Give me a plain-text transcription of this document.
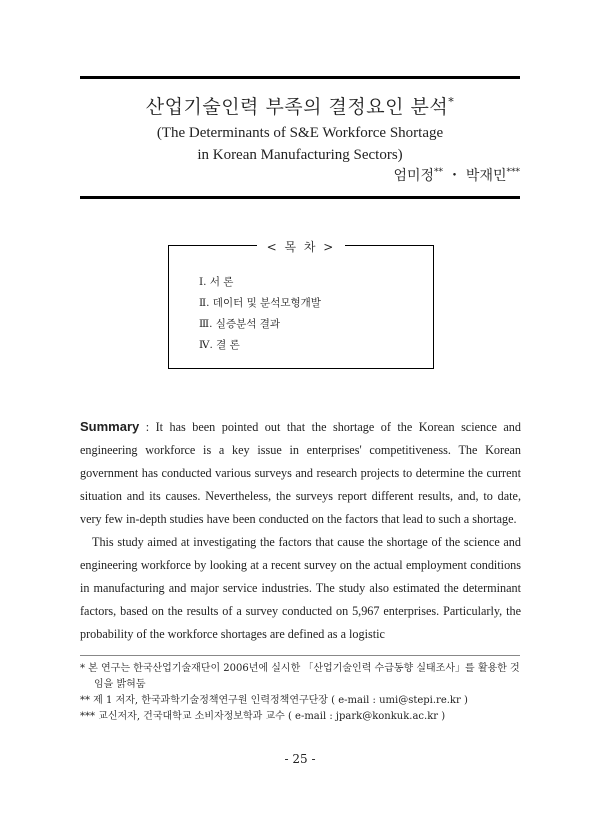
산업기술인력 부족의 결정요인 분석*
(The Determinants of S&E Workforce Shortage
in Korean Manufacturing Sectors)
엄미정** ・ 박재민***
< 목 차 >
Ⅰ. 서 론
Ⅱ. 데이터 및 분석모형개발
Ⅲ. 실증분석 결과
Ⅳ. 결 론

Summary : It has been pointed out that the shortage of the Korean science and engineering workforce is a key issue in enterprises' competitiveness. The Korean government has conducted various surveys and research projects to determine the current situation and its causes. Nevertheless, the surveys report different results, and, to date, very few in-depth studies have been conducted on the factors that lead to such a shortage.

This study aimed at investigating the factors that cause the shortage of the science and engineering workforce by looking at a recent survey on the actual employment conditions in manufacturing and major service industries. The study also estimated the determinant factors, based on the results of a survey conducted on 5,967 enterprises. Particularly, the probability of the workforce shortages are defined as a logistic

* 본 연구는 한국산업기술재단이 2006년에 실시한 「산업기술인력 수급동향 실태조사」를 활용한 것
임을 밝혀둠
** 제 1 저자, 한국과학기술정책연구원 인력정책연구단장 ( e-mail : umi@stepi.re.kr )
*** 교신저자, 건국대학교 소비자정보학과 교수 ( e-mail : jpark@konkuk.ac.kr )
- 25 -
